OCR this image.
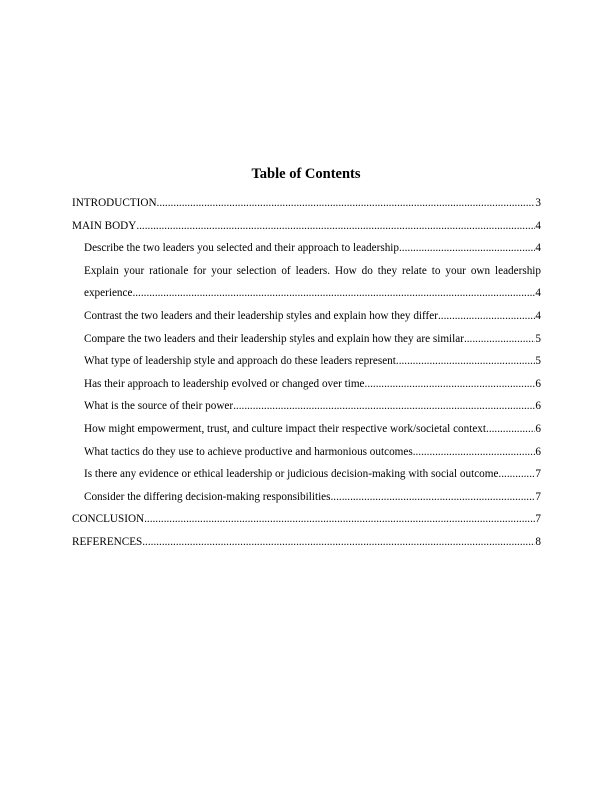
Table of Contents
INTRODUCTION .....	3
MAIN BODY .....	4
Describe the two leaders you selected and their approach to leadership .....	4
Explain your rationale for your selection of leaders. How do they relate to your own leadership
experience .....	4
Contrast the two leaders and their leadership styles and explain how they differ .....	4
Compare the two leaders and their leadership styles and explain how they are similar .....	5
What type of leadership style and approach do these leaders represent .....	5
Has their approach to leadership evolved or changed over time .....	6
What is the source of their power .....	6
How might empowerment, trust, and culture impact their respective work/societal context .....	6
What tactics do they use to achieve productive and harmonious outcomes .....	6
Is there any evidence or ethical leadership or judicious decision-making with social outcome. .....	7
Consider the differing decision-making responsibilities .....	7
CONCLUSION .....	7
REFERENCES .....	8
